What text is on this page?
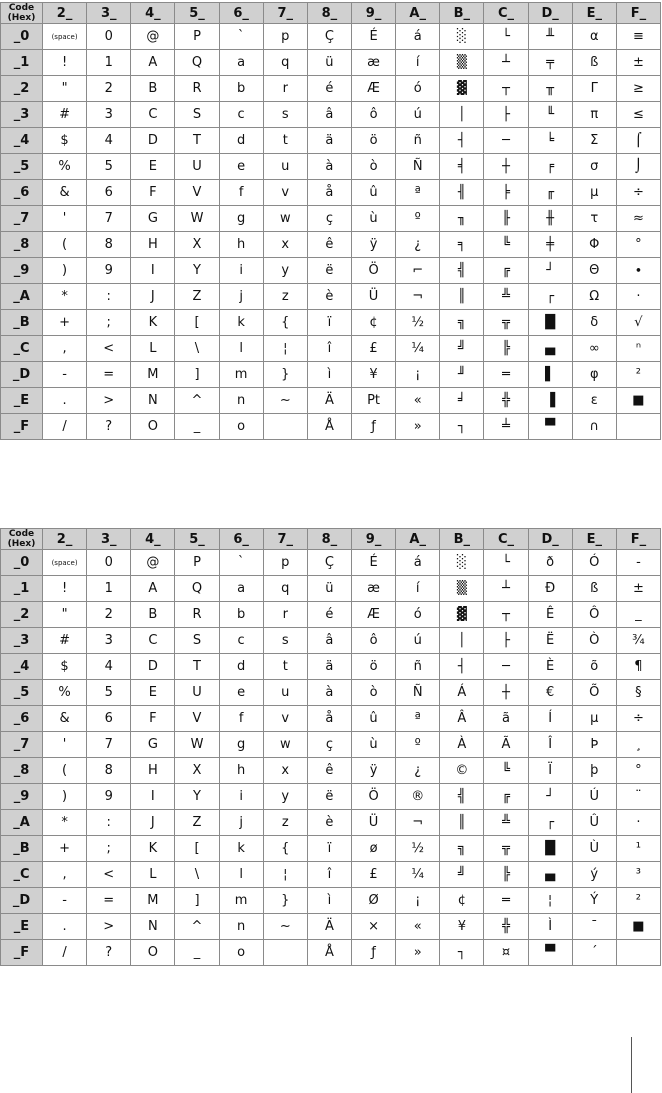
Code
(Hex)	2_	3_	4_	5_	6_	7_	8_	9_	A_	B_	C_	D_	E_	F_
_0	(space)	0	@	P	`	p	Ç	É	á	░	└	╨	α	≡
_1	!	1	A	Q	a	q	ü	æ	í	▒	┴	╤	ß	±
_2	"	2	B	R	b	r	é	Æ	ó	▓	┬	╥	Γ	≥
_3	#	3	C	S	c	s	â	ô	ú	│	├	╙	π	≤
_4	$	4	D	T	d	t	ä	ö	ñ	┤	─	╘	Σ	⌠
_5	%	5	E	U	e	u	à	ò	Ñ	╡	┼	╒	σ	⌡
_6	&	6	F	V	f	v	å	û	ª	╢	╞	╓	µ	÷
_7	'	7	G	W	g	w	ç	ù	º	╖	╟	╫	τ	≈
_8	(	8	H	X	h	x	ê	ÿ	¿	╕	╚	╪	Φ	°
_9	)	9	I	Y	i	y	ë	Ö	⌐	╣	╔	┘	Θ	∙
_A	*	:	J	Z	j	z	è	Ü	¬	║	╩	┌	Ω	·
_B	+	;	K	[	k	{	ï	¢	½	╗	╦	█	δ	√
_C	,	<	L	\	l	¦	î	£	¼	╝	╠	▄	∞	ⁿ
_D	-	=	M	]	m	}	ì	¥	¡	╜	═	▌	φ	²
_E	.	>	N	^	n	~	Ä	Pt	«	╛	╬	▐	ε	■
_F	/	?	O	_	o		Å	ƒ	»	┐	╧	▀	∩	
Code
(Hex)	2_	3_	4_	5_	6_	7_	8_	9_	A_	B_	C_	D_	E_	F_
_0	(space)	0	@	P	`	p	Ç	É	á	░	└	ð	Ó	-
_1	!	1	A	Q	a	q	ü	æ	í	▒	┴	Ð	ß	±
_2	"	2	B	R	b	r	é	Æ	ó	▓	┬	Ê	Ô	_
_3	#	3	C	S	c	s	â	ô	ú	│	├	Ë	Ò	¾
_4	$	4	D	T	d	t	ä	ö	ñ	┤	─	È	õ	¶
_5	%	5	E	U	e	u	à	ò	Ñ	Á	┼	€	Õ	§
_6	&	6	F	V	f	v	å	û	ª	Â	ã	Í	µ	÷
_7	'	7	G	W	g	w	ç	ù	º	À	Ã	Î	Þ	¸
_8	(	8	H	X	h	x	ê	ÿ	¿	©	╚	Ï	þ	°
_9	)	9	I	Y	i	y	ë	Ö	®	╣	╔	┘	Ú	¨
_A	*	:	J	Z	j	z	è	Ü	¬	║	╩	┌	Û	·
_B	+	;	K	[	k	{	ï	ø	½	╗	╦	█	Ù	¹
_C	,	<	L	\	l	¦	î	£	¼	╝	╠	▄	ý	³
_D	-	=	M	]	m	}	ì	Ø	¡	¢	═	¦	Ý	²
_E	.	>	N	^	n	~	Ä	×	«	¥	╬	Ì	¯	■
_F	/	?	O	_	o		Å	ƒ	»	┐	¤	▀	´	
